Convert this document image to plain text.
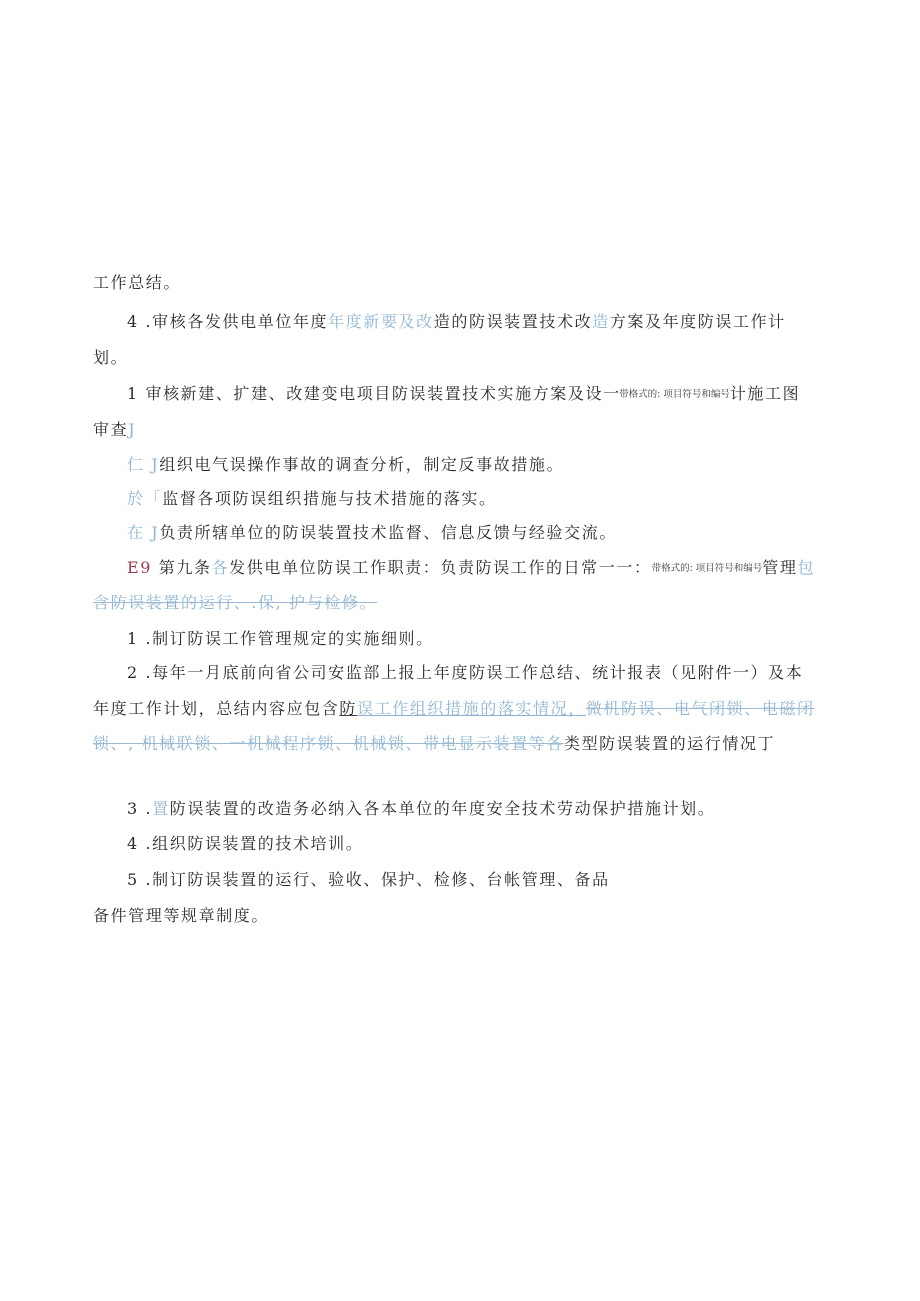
工作总结。
4 .审核各发供电单位年度年度新要及改造的防误装置技术改造方案及年度防误工作计
划。
1 审核新建、扩建、改建变电项目防误装置技术实施方案及设一带格式的: 项目符号和编号计施工图
审查J
仁 J组织电气误操作事故的调查分析，制定反事故措施。
於「监督各项防误组织措施与技术措施的落实。
在 J负责所辖单位的防误装置技术监督、信息反馈与经验交流。
E9 第九条各发供电单位防误工作职责：负责防误工作的日常一一：带格式的: 项目符号和编号管理包
含防误装置的运行、.保, 护与检修。
1 .制订防误工作管理规定的实施细则。
2 .每年一月底前向省公司安监部上报上年度防误工作总结、统计报表（见附件一）及本
年度工作计划，总结内容应包含防误工作组织措施的落实情况，微机防误、电气闭锁、电磁闭
锁、, 机械联锁、一机械程序锁、机械锁、带电显示装置等各类型防误装置的运行情况丁
3 .置防误装置的改造务必纳入各本单位的年度安全技术劳动保护措施计划。
4 .组织防误装置的技术培训。
5 .制订防误装置的运行、验收、保护、检修、台帐管理、备品
备件管理等规章制度。
